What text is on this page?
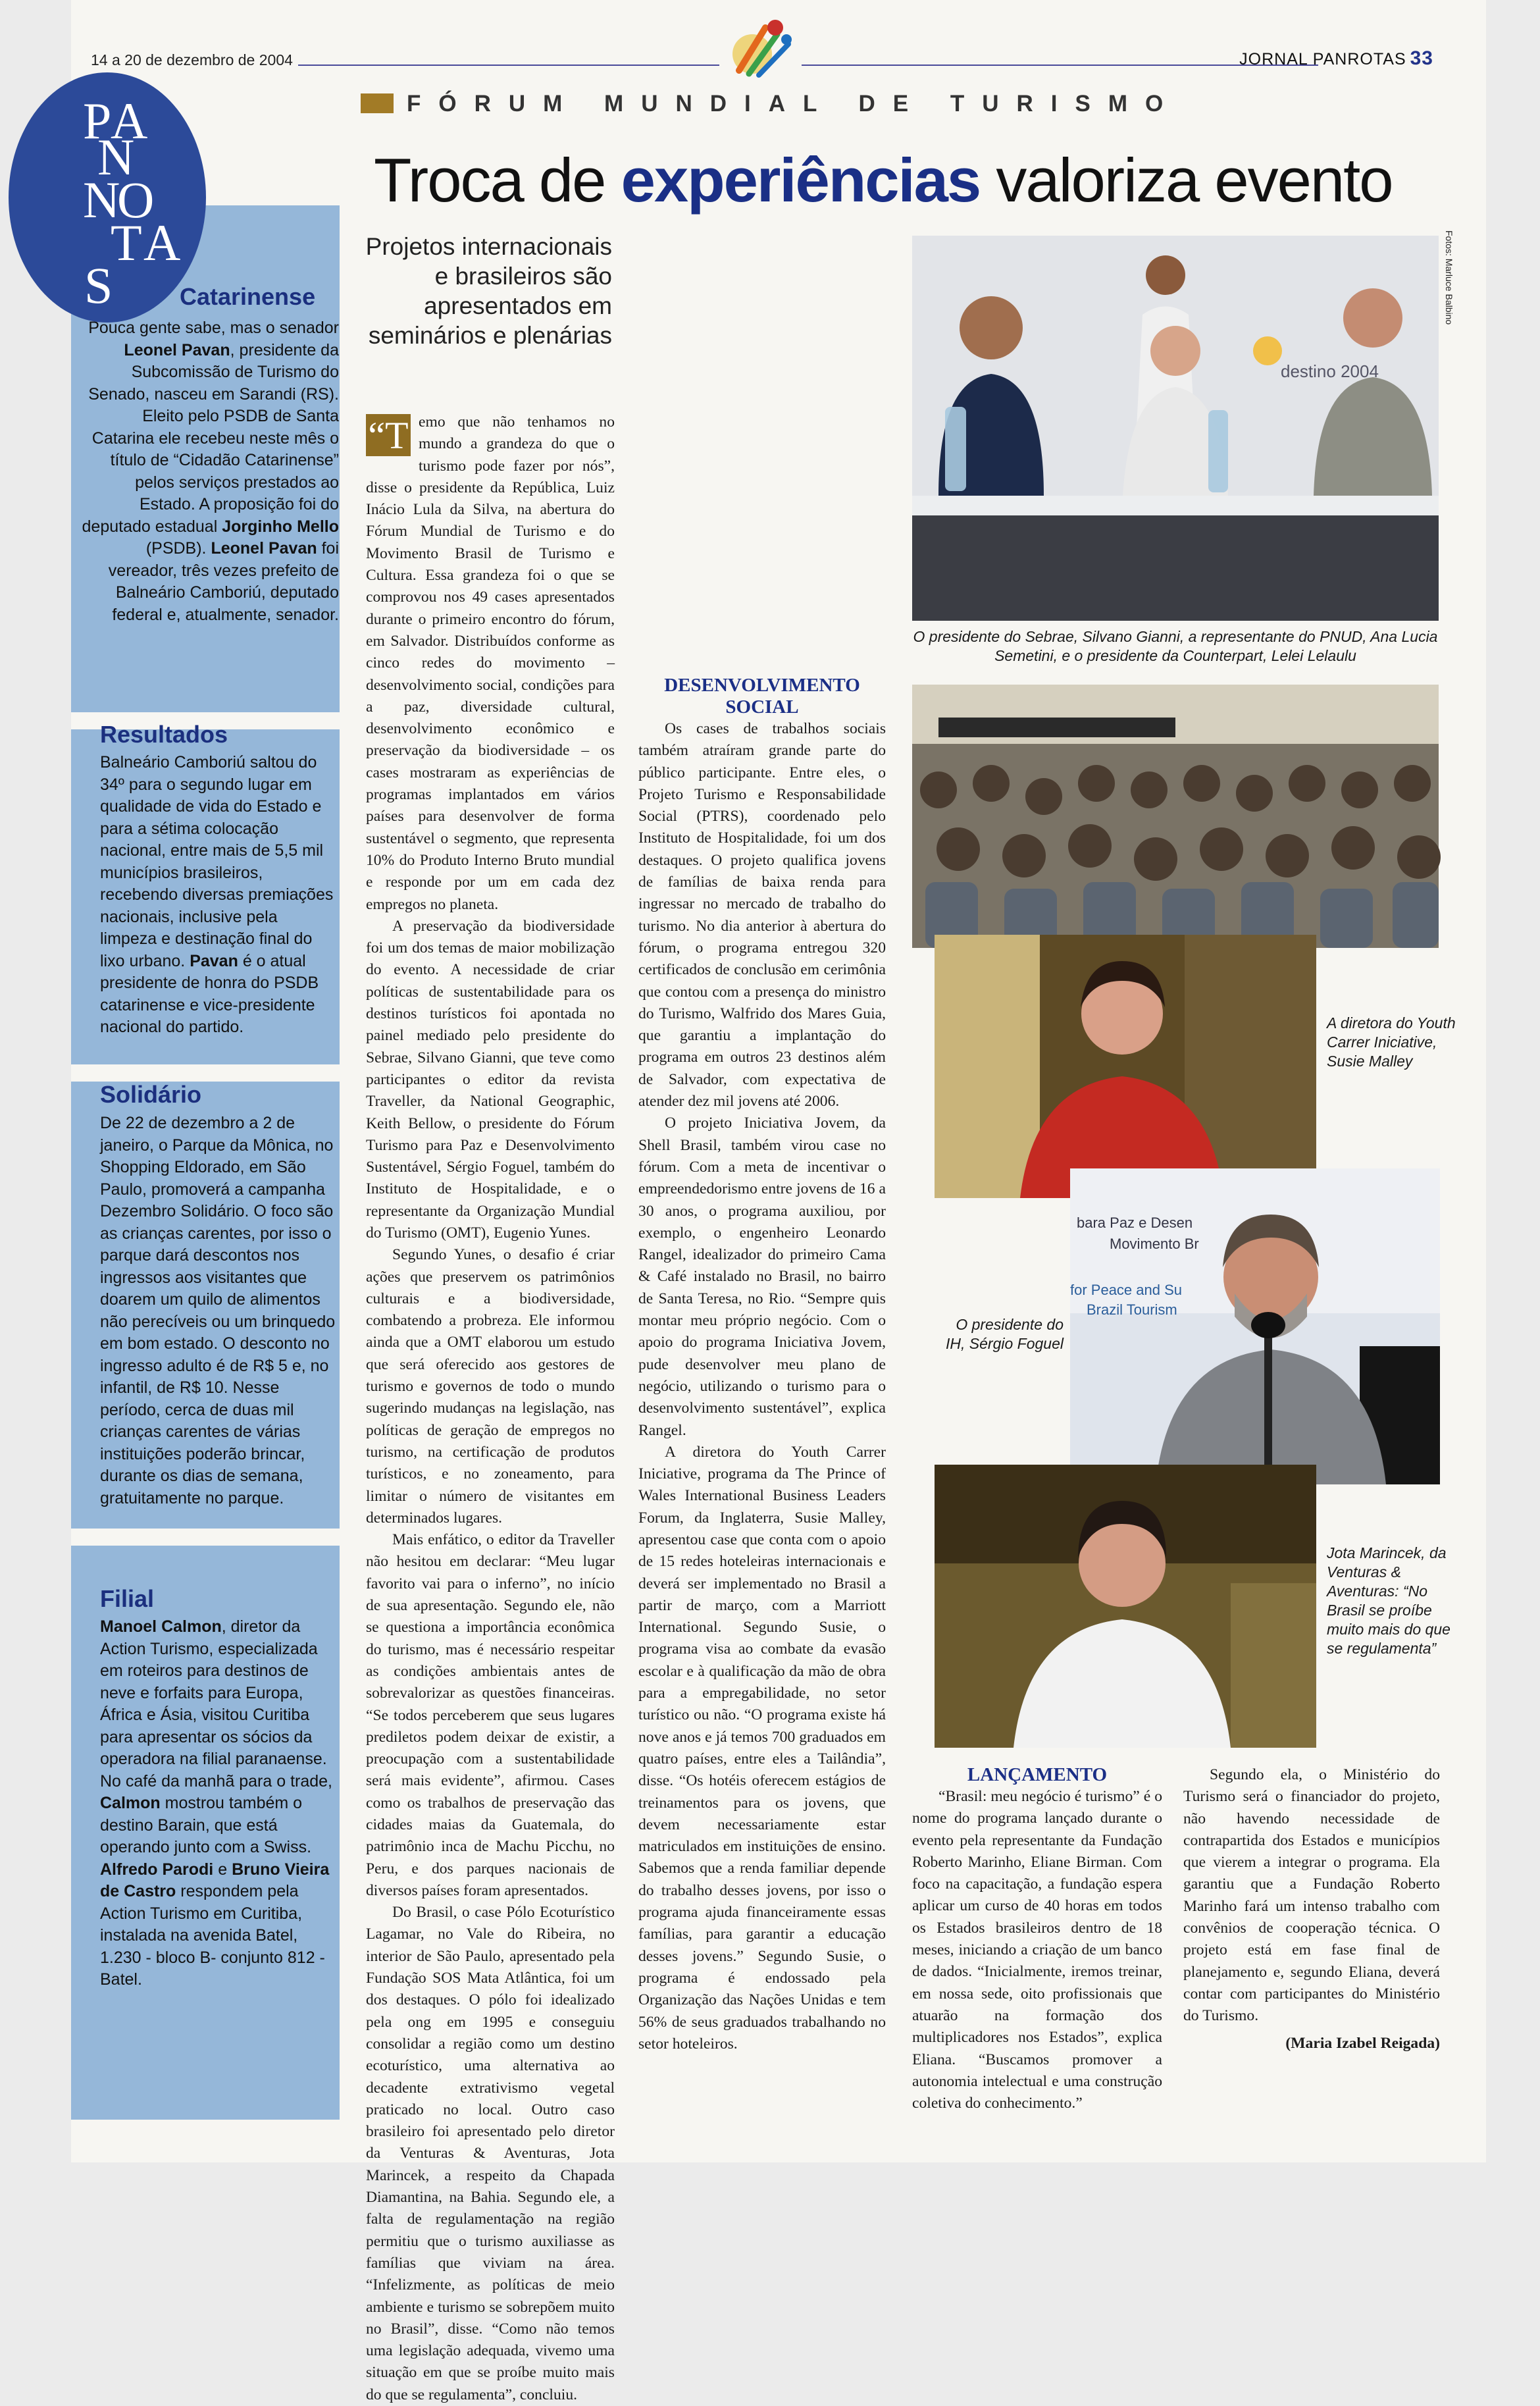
14 a 20 de dezembro de 2004	JORNAL PANROTAS 33
FÓRUM MUNDIAL DE TURISMO
Troca de experiências valoriza evento
P
A
N
N
O
T A
S	Catarinense
Pouca gente sabe, mas o senador Leonel Pavan, presidente da Subcomissão de Turismo do Senado, nasceu em Sarandi (RS). Eleito pelo PSDB de Santa Catarina ele recebeu neste mês o título de “Cidadão Catarinense” pelos serviços prestados ao Estado. A proposição foi do deputado estadual Jorginho Mello (PSDB). Leonel Pavan foi vereador, três vezes prefeito de Balneário Camboriú, deputado federal e, atualmente, senador.
Resultados
Balneário Camboriú saltou do 34º para o segundo lugar em qualidade de vida do Estado e para a sétima colocação nacional, entre mais de 5,5 mil municípios brasileiros, recebendo diversas premiações nacionais, inclusive pela limpeza e destinação final do lixo urbano. Pavan é o atual presidente de honra do PSDB catarinense e vice-presidente nacional do partido.
Solidário
De 22 de dezembro a 2 de janeiro, o Parque da Mônica, no Shopping Eldorado, em São Paulo, promoverá a campanha Dezembro Solidário. O foco são as crianças carentes, por isso o parque dará descontos nos ingressos aos visitantes que doarem um quilo de alimentos não perecíveis ou um brinquedo em bom estado. O desconto no ingresso adulto é de R$ 5 e, no infantil, de R$ 10. Nesse período, cerca de duas mil crianças carentes de várias instituições poderão brincar, durante os dias de semana, gratuitamente no parque.
Filial
Manoel Calmon, diretor da Action Turismo, especializada em roteiros para destinos de neve e forfaits para Europa, África e Ásia, visitou Curitiba para apresentar os sócios da operadora na filial paranaense. No café da manhã para o trade, Calmon mostrou também o destino Barain, que está operando junto com a Swiss. Alfredo Parodi e Bruno Vieira de Castro respondem pela Action Turismo em Curitiba, instalada na avenida Batel, 1.230 - bloco B- conjunto 812 - Batel.
Projetos internacionais e brasileiros são apresentados em seminários e plenárias

“T emo que não tenhamos no mundo a grandeza do que o turismo pode fazer por nós”, disse o presidente da República, Luiz Inácio Lula da Silva, na abertura do Fórum Mundial de Turismo e do Movimento Brasil de Turismo e Cultura. Essa grandeza foi o que se comprovou nos 49 cases apresentados durante o primeiro encontro do fórum, em Salvador. Distribuídos conforme as cinco redes do movimento – desenvolvimento social, condições para a paz, diversidade cultural, desenvolvimento econômico e preservação da biodiversidade – os cases mostraram as experiências de programas implantados em vários países para desenvolver de forma sustentável o segmento, que representa 10% do Produto Interno Bruto mundial e responde por um em cada dez empregos no planeta.

A preservação da biodiversidade foi um dos temas de maior mobilização do evento. A necessidade de criar políticas de sustentabilidade para os destinos turísticos foi apontada no painel mediado pelo presidente do Sebrae, Silvano Gianni, que teve como participantes o editor da revista Traveller, da National Geographic, Keith Bellow, o presidente do Fórum Turismo para Paz e Desenvolvimento Sustentável, Sérgio Foguel, também do Instituto de Hospitalidade, e o representante da Organização Mundial do Turismo (OMT), Eugenio Yunes.

Segundo Yunes, o desafio é criar ações que preservem os patrimônios culturais e a biodiversidade, combatendo a probreza. Ele informou ainda que a OMT elaborou um estudo que será oferecido aos gestores de turismo e governos de todo o mundo sugerindo mudanças na legislação, nas políticas de geração de empregos no turismo, na certificação de produtos turísticos, e no zoneamento, para limitar o número de visitantes em determinados lugares.

Mais enfático, o editor da Traveller não hesitou em declarar: “Meu lugar favorito vai para o inferno”, no início de sua apresentação. Segundo ele, não se questiona a importância econômica do turismo, mas é necessário respeitar as condições ambientais antes de sobrevalorizar as questões financeiras. “Se todos perceberem que seus lugares prediletos podem deixar de existir, a preocupação com a sustentabilidade será mais evidente”, afirmou. Cases como os trabalhos de preservação das cidades maias da Guatemala, do patrimônio inca de Machu Picchu, no Peru, e dos parques nacionais de diversos países foram apresentados.

Do Brasil, o case Pólo Ecoturístico Lagamar, no Vale do Ribeira, no interior de São Paulo, apresentado pela Fundação SOS Mata Atlântica, foi um dos destaques. O pólo foi idealizado pela ong em 1995 e conseguiu consolidar a região como um destino ecoturístico, uma alternativa ao decadente extrativismo vegetal praticado no local. Outro caso brasileiro foi apresentado pelo diretor da Venturas & Aventuras, Jota Marincek, a respeito da Chapada Diamantina, na Bahia. Segundo ele, a falta de regulamentação na região permitiu que o turismo auxiliasse as famílias que viviam na área. “Infelizmente, as políticas de meio ambiente e turismo se sobrepõem muito no Brasil”, disse. “Como não temos uma legislação adequada, vivemo uma situação em que se proíbe muito mais do que se regulamenta”, concluiu.

DESENVOLVIMENTO SOCIAL

Os cases de trabalhos sociais também atraíram grande parte do público participante. Entre eles, o Projeto Turismo e Responsabilidade Social (PTRS), coordenado pelo Instituto de Hospitalidade, foi um dos destaques. O projeto qualifica jovens de famílias de baixa renda para ingressar no mercado de trabalho do turismo. No dia anterior à abertura do fórum, o programa entregou 320 certificados de conclusão em cerimônia que contou com a presença do ministro do Turismo, Walfrido dos Mares Guia, que garantiu a implantação do programa em outros 23 destinos além de Salvador, com expectativa de atender dez mil jovens até 2006.

O projeto Iniciativa Jovem, da Shell Brasil, também virou case no fórum. Com a meta de incentivar o empreendedorismo entre jovens de 16 a 30 anos, o programa auxiliou, por exemplo, o engenheiro Leonardo Rangel, idealizador do primeiro Cama & Café instalado no Brasil, no bairro de Santa Teresa, no Rio. “Sempre quis montar meu próprio negócio. Com o apoio do programa Iniciativa Jovem, pude desenvolver meu plano de negócio, utilizando o turismo para o desenvolvimento sustentável”, explica Rangel.

A diretora do Youth Carrer Iniciative, programa da The Prince of Wales International Business Leaders Forum, da Inglaterra, Susie Malley, apresentou case que conta com o apoio de 15 redes hoteleiras internacionais e deverá ser implementado no Brasil a partir de março, com a Marriott International. Segundo Susie, o programa visa ao combate da evasão escolar e à qualificação da mão de obra para a empregabilidade, no setor turístico ou não. “O programa existe há nove anos e já temos 700 graduados em quatro países, entre eles a Tailândia”, disse. “Os hotéis oferecem estágios de treinamentos para os jovens, que devem necessariamente estar matriculados em instituições de ensino. Sabemos que a renda familiar depende do trabalho desses jovens, por isso o programa ajuda financeiramente essas famílias, para garantir a educação desses jovens.” Segundo Susie, o programa é endossado pela Organização das Nações Unidas e tem 56% de seus graduados trabalhando no setor hoteleiros.

destino 2004
Fotos: Marluce Balbino
O presidente do Sebrae, Silvano Gianni, a representante do PNUD, Ana Lucia Semetini, e o presidente da Counterpart, Lelei Lelaulu
A diretora do Youth Carrer Iniciative, Susie Malley
bara Paz e Desen
Movimento Br
for Peace and Su
Brazil Tourism
O presidente do IH, Sérgio Foguel
Jota Marincek, da Venturas & Aventuras: “No Brasil se proíbe muito mais do que se regulamenta”
LANÇAMENTO

“Brasil: meu negócio é turismo” é o nome do programa lançado durante o evento pela representante da Fundação Roberto Marinho, Eliane Birman. Com foco na capacitação, a fundação espera aplicar um curso de 40 horas em todos os Estados brasileiros dentro de 18 meses, iniciando a criação de um banco de dados. “Inicialmente, iremos treinar, em nossa sede, oito profissionais que atuarão na formação dos multiplicadores nos Estados”, explica Eliana. “Buscamos promover a autonomia intelectual e uma construção coletiva do conhecimento.”

Segundo ela, o Ministério do Turismo será o financiador do projeto, não havendo necessidade de contrapartida dos Estados e municípios que vierem a integrar o programa. Ela garantiu que a Fundação Roberto Marinho fará um intenso trabalho com convênios de cooperação técnica. O projeto está em fase final de planejamento e, segundo Eliana, deverá contar com participantes do Ministério do Turismo.

(Maria Izabel Reigada)
